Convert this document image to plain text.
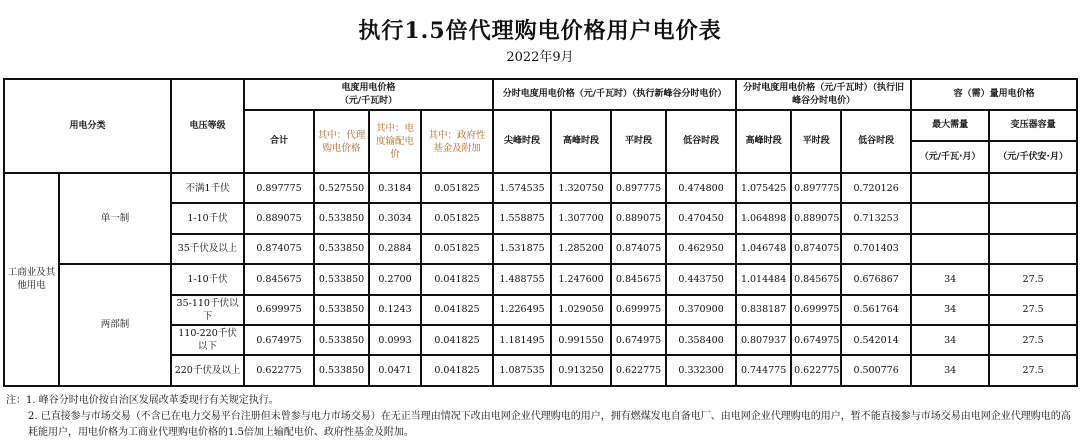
执行1.5倍代理购电价格用户电价表
2022年9月
用电分类		电压等级	电度用电价格
（元/千瓦时）				分时电度用电价格（元/千瓦时）（执行新峰谷分时电价）				分时电度用电价格（元/千瓦时）（执行旧峰谷分时电价）			容（需）量用电价格	
			合计	其中：代理购电价格	其中：电度输配电价	其中：政府性基金及附加	尖峰时段	高峰时段	平时段	低谷时段	高峰时段	平时段	低谷时段	最大需量	变压器容量
														（元/千瓦·月）	（元/千伏安·月）
工商业及其他用电	单一制	不满1千伏	0.897775	0.527550	0.3184	0.051825	1.574535	1.320750	0.897775	0.474800	1.075425	0.897775	0.720126		
		1-10千伏	0.889075	0.533850	0.3034	0.051825	1.558875	1.307700	0.889075	0.470450	1.064898	0.889075	0.713253		
		35千伏及以上	0.874075	0.533850	0.2884	0.051825	1.531875	1.285200	0.874075	0.462950	1.046748	0.874075	0.701403		
	两部制	1-10千伏	0.845675	0.533850	0.2700	0.041825	1.488755	1.247600	0.845675	0.443750	1.014484	0.845675	0.676867	34	27.5
		35-110千伏以下	0.699975	0.533850	0.1243	0.041825	1.226495	1.029050	0.699975	0.370900	0.838187	0.699975	0.561764	34	27.5
		110-220千伏以下	0.674975	0.533850	0.0993	0.041825	1.181495	0.991550	0.674975	0.358400	0.807937	0.674975	0.542014	34	27.5
		220千伏及以上	0.622775	0.533850	0.0471	0.041825	1.087535	0.913250	0.622775	0.332300	0.744775	0.622775	0.500776	34	27.5
注：1. 峰谷分时电价按自治区发展改革委现行有关规定执行。
2. 已直接参与市场交易（不含已在电力交易平台注册但未曾参与电力市场交易）在无正当理由情况下改由电网企业代理购电的用户，拥有燃煤发电自备电厂、由电网企业代理购电的用户，暂不能直接参与市场交易由电网企业代理购电的高耗能用户，用电价格为工商业代理购电价格的1.5倍加上输配电价、政府性基金及附加。
